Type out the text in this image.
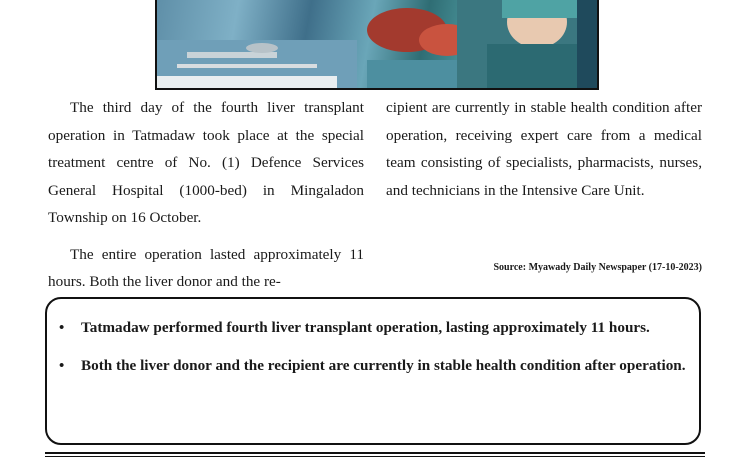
The third day of the fourth liver transplant operation in Tatmadaw took place at the special treatment centre of No. (1) Defence Services General Hospital (1000-bed) in Mingaladon Township on 16 October.

The entire operation lasted approximately 11 hours. Both the liver donor and the re-

cipient are currently in stable health condition after operation, receiving expert care from a medical team consisting of specialists, pharmacists, nurses, and technicians in the Intensive Care Unit.

Source: Myawady Daily Newspaper (17-10-2023)
• Tatmadaw performed fourth liver transplant operation, lasting approximately 11 hours.
• Both the liver donor and the recipient are currently in stable health condition after operation.
